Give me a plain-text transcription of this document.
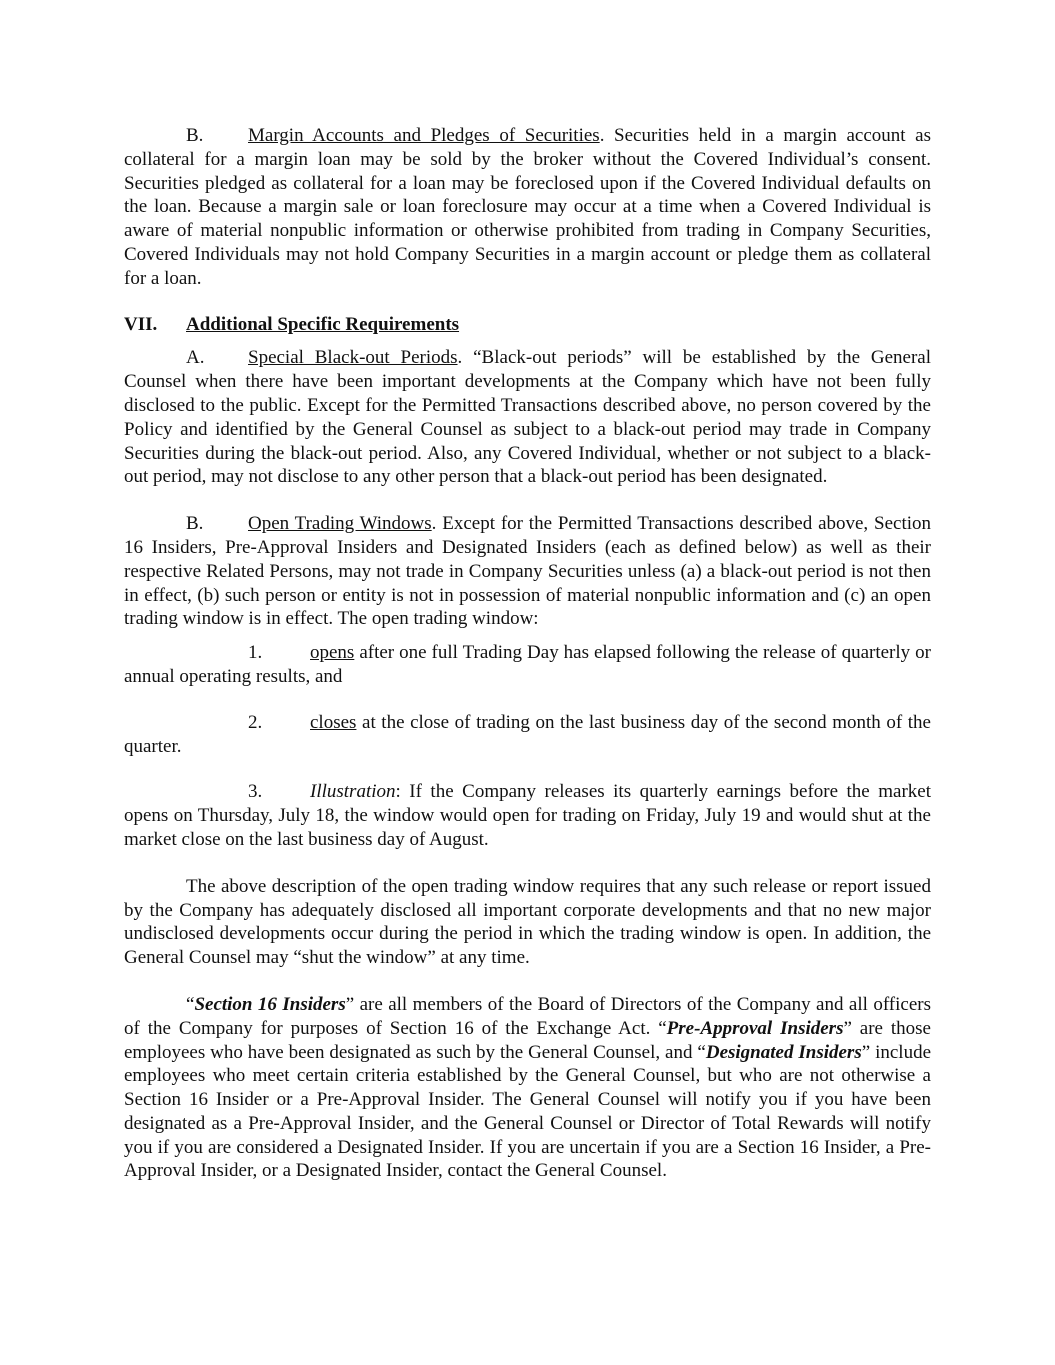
B. Margin Accounts and Pledges of Securities. Securities held in a margin account as collateral for a margin loan may be sold by the broker without the Covered Individual’s consent. Securities pledged as collateral for a loan may be foreclosed upon if the Covered Individual defaults on the loan. Because a margin sale or loan foreclosure may occur at a time when a Covered Individual is aware of material nonpublic information or otherwise prohibited from trading in Company Securities, Covered Individuals may not hold Company Securities in a margin account or pledge them as collateral for a loan.

VII. Additional Specific Requirements

A. Special Black-out Periods. “Black-out periods” will be established by the General Counsel when there have been important developments at the Company which have not been fully disclosed to the public. Except for the Permitted Transactions described above, no person covered by the Policy and identified by the General Counsel as subject to a black-out period may trade in Company Securities during the black-out period. Also, any Covered Individual, whether or not subject to a black-out period, may not disclose to any other person that a black-out period has been designated.

B. Open Trading Windows. Except for the Permitted Transactions described above, Section 16 Insiders, Pre-Approval Insiders and Designated Insiders (each as defined below) as well as their respective Related Persons, may not trade in Company Securities unless (a) a black-out period is not then in effect, (b) such person or entity is not in possession of material nonpublic information and (c) an open trading window is in effect. The open trading window:

1.	opens after one full Trading Day has elapsed following the release of quarterly or annual operating results, and

2.	closes at the close of trading on the last business day of the second month of the quarter.

3.	Illustration: If the Company releases its quarterly earnings before the market opens on Thursday, July 18, the window would open for trading on Friday, July 19 and would shut at the market close on the last business day of August.

The above description of the open trading window requires that any such release or report issued by the Company has adequately disclosed all important corporate developments and that no new major undisclosed developments occur during the period in which the trading window is open. In addition, the General Counsel may “shut the window” at any time.

“Section 16 Insiders” are all members of the Board of Directors of the Company and all officers of the Company for purposes of Section 16 of the Exchange Act. “Pre-Approval Insiders” are those employees who have been designated as such by the General Counsel, and “Designated Insiders” include employees who meet certain criteria established by the General Counsel, but who are not otherwise a Section 16 Insider or a Pre-Approval Insider. The General Counsel will notify you if you have been designated as a Pre-Approval Insider, and the General Counsel or Director of Total Rewards will notify you if you are considered a Designated Insider. If you are uncertain if you are a Section 16 Insider, a Pre-Approval Insider, or a Designated Insider, contact the General Counsel.
